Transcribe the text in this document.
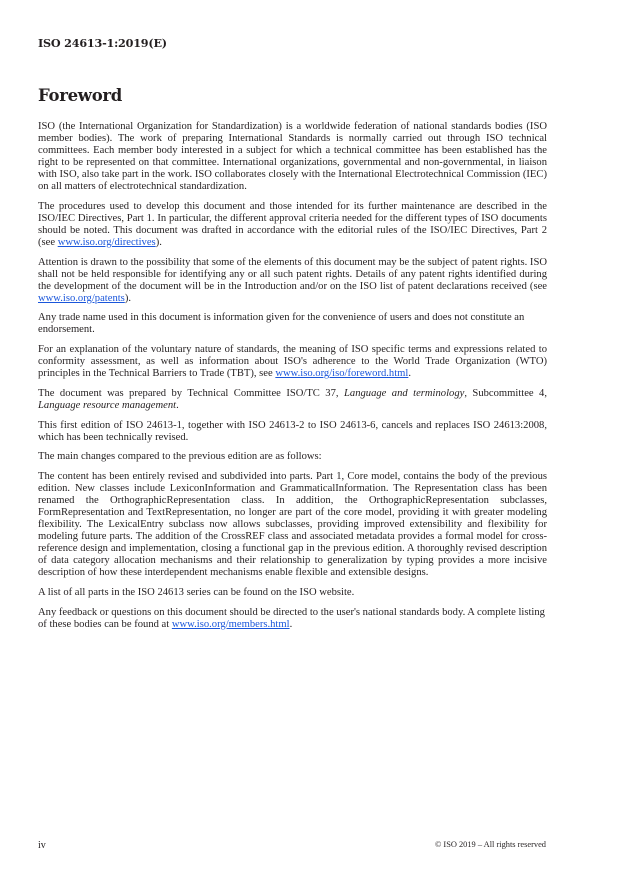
ISO 24613-1:2019(E)
Foreword

ISO (the International Organization for Standardization) is a worldwide federation of national standards bodies (ISO member bodies). The work of preparing International Standards is normally carried out through ISO technical committees. Each member body interested in a subject for which a technical committee has been established has the right to be represented on that committee. International organizations, governmental and non-governmental, in liaison with ISO, also take part in the work. ISO collaborates closely with the International Electrotechnical Commission (IEC) on all matters of electrotechnical standardization.

The procedures used to develop this document and those intended for its further maintenance are described in the ISO/IEC Directives, Part 1. In particular, the different approval criteria needed for the different types of ISO documents should be noted. This document was drafted in accordance with the editorial rules of the ISO/IEC Directives, Part 2 (see www.iso.org/directives).

Attention is drawn to the possibility that some of the elements of this document may be the subject of patent rights. ISO shall not be held responsible for identifying any or all such patent rights. Details of any patent rights identified during the development of the document will be in the Introduction and/or on the ISO list of patent declarations received (see www.iso.org/patents).

Any trade name used in this document is information given for the convenience of users and does not constitute an endorsement.

For an explanation of the voluntary nature of standards, the meaning of ISO specific terms and expressions related to conformity assessment, as well as information about ISO's adherence to the World Trade Organization (WTO) principles in the Technical Barriers to Trade (TBT), see www.iso.org/iso/foreword.html.

The document was prepared by Technical Committee ISO/TC 37, Language and terminology, Subcommittee 4, Language resource management.

This first edition of ISO 24613-1, together with ISO 24613-2 to ISO 24613-6, cancels and replaces ISO 24613:2008, which has been technically revised.

The main changes compared to the previous edition are as follows:

The content has been entirely revised and subdivided into parts. Part 1, Core model, contains the body of the previous edition. New classes include LexiconInformation and GrammaticalInformation. The Representation class has been renamed the OrthographicRepresentation class. In addition, the OrthographicRepresentation subclasses, FormRepresentation and TextRepresentation, no longer are part of the core model, providing it with greater modeling flexibility. The LexicalEntry subclass now allows subclasses, providing improved extensibility and flexibility for modeling future parts. The addition of the CrossREF class and associated metadata provides a formal model for cross-reference design and implementation, closing a functional gap in the previous edition. A thoroughly revised description of data category allocation mechanisms and their relationship to generalization by typing provides a more incisive description of how these interdependent mechanisms enable flexible and extensible designs.

A list of all parts in the ISO 24613 series can be found on the ISO website.

Any feedback or questions on this document should be directed to the user's national standards body. A complete listing of these bodies can be found at www.iso.org/members.html.

iv	© ISO 2019 – All rights reserved
